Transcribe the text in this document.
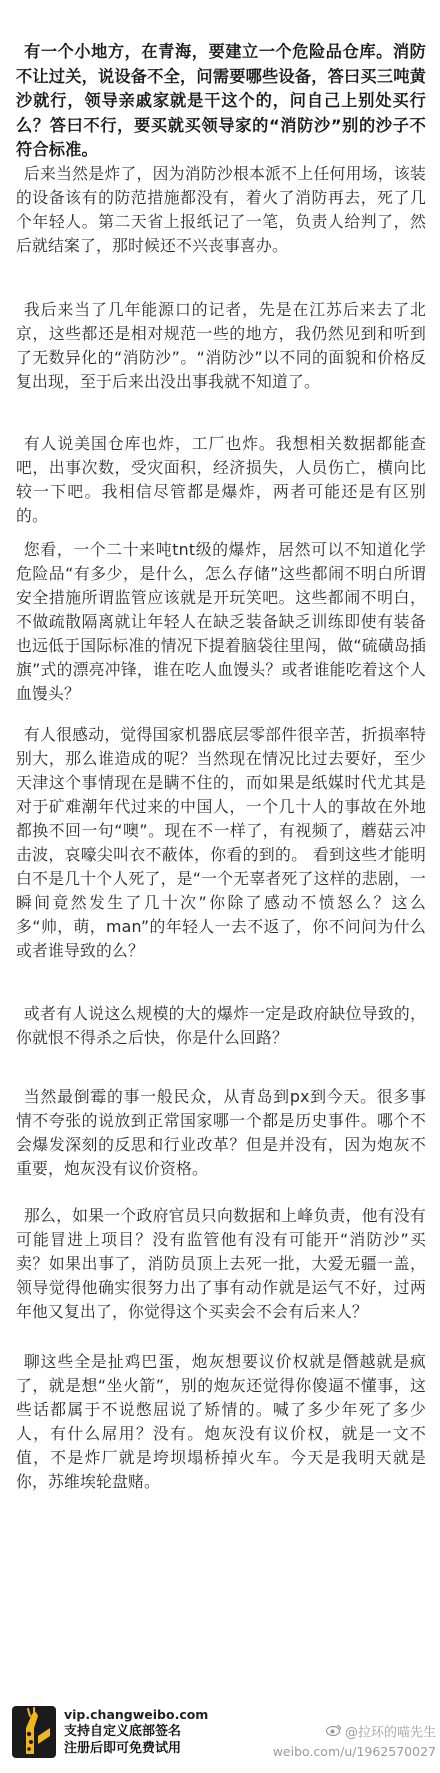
有一个小地方，在青海，要建立一个危险品仓库。消防不让过关，说设备不全，问需要哪些设备，答曰买三吨黄沙就行，领导亲戚家就是干这个的，问自己上别处买行么？答曰不行，要买就买领导家的“消防沙”别的沙子不符合标准。

后来当然是炸了，因为消防沙根本派不上任何用场，该装的设备该有的防范措施都没有，着火了消防再去，死了几个年轻人。第二天省上报纸记了一笔，负责人给判了，然后就结案了，那时候还不兴丧事喜办。

我后来当了几年能源口的记者，先是在江苏后来去了北京，这些都还是相对规范一些的地方，我仍然见到和听到了无数异化的“消防沙”。“消防沙”以不同的面貌和价格反复出现，至于后来出没出事我就不知道了。

有人说美国仓库也炸，工厂也炸。我想相关数据都能查吧，出事次数，受灾面积，经济损失，人员伤亡，横向比较一下吧。我相信尽管都是爆炸，两者可能还是有区别的。

您看，一个二十来吨tnt级的爆炸，居然可以不知道化学危险品“有多少，是什么，怎么存储”这些都闹不明白所谓安全措施所谓监管应该就是开玩笑吧。这些都闹不明白，不做疏散隔离就让年轻人在缺乏装备缺乏训练即使有装备也远低于国际标准的情况下提着脑袋往里闯，做“硫磺岛插旗”式的漂亮冲锋，谁在吃人血馒头？或者谁能吃着这个人血馒头？

有人很感动，觉得国家机器底层零部件很辛苦，折损率特别大，那么谁造成的呢？当然现在情况比过去要好，至少天津这个事情现在是瞒不住的，而如果是纸媒时代尤其是对于矿难潮年代过来的中国人，一个几十人的事故在外地都换不回一句“噢”。现在不一样了，有视频了，蘑菇云冲击波，哀嚎尖叫衣不蔽体，你看的到的。 看到这些才能明白不是几十个人死了，是“一个无辜者死了这样的悲剧，一瞬间竟然发生了几十次”你除了感动不愤怒么？这么多“帅，萌，man”的年轻人一去不返了，你不问问为什么或者谁导致的么？

或者有人说这么规模的大的爆炸一定是政府缺位导致的，你就恨不得杀之后快，你是什么回路？

当然最倒霉的事一般民众，从青岛到px到今天。很多事情不夸张的说放到正常国家哪一个都是历史事件。哪个不会爆发深刻的反思和行业改革？但是并没有，因为炮灰不重要，炮灰没有议价资格。

那么，如果一个政府官员只向数据和上峰负责，他有没有可能冒进上项目？没有监管他有没有可能开“消防沙”买卖？如果出事了，消防员顶上去死一批，大爱无疆一盖，领导觉得他确实很努力出了事有动作就是运气不好，过两年他又复出了，你觉得这个买卖会不会有后来人？

聊这些全是扯鸡巴蛋，炮灰想要议价权就是僭越就是疯了，就是想“坐火箭”，别的炮灰还觉得你傻逼不懂事，这些话都属于不说憋屈说了矫情的。喊了多少年死了多少人，有什么屌用？没有。炮灰没有议价权，就是一文不值，不是炸厂就是垮坝塌桥掉火车。今天是我明天就是你，苏维埃轮盘赌。

vip.changweibo.com
支持自定义底部签名
注册后即可免费试用
@拉环的喵先生
weibo.com/u/1962570027
